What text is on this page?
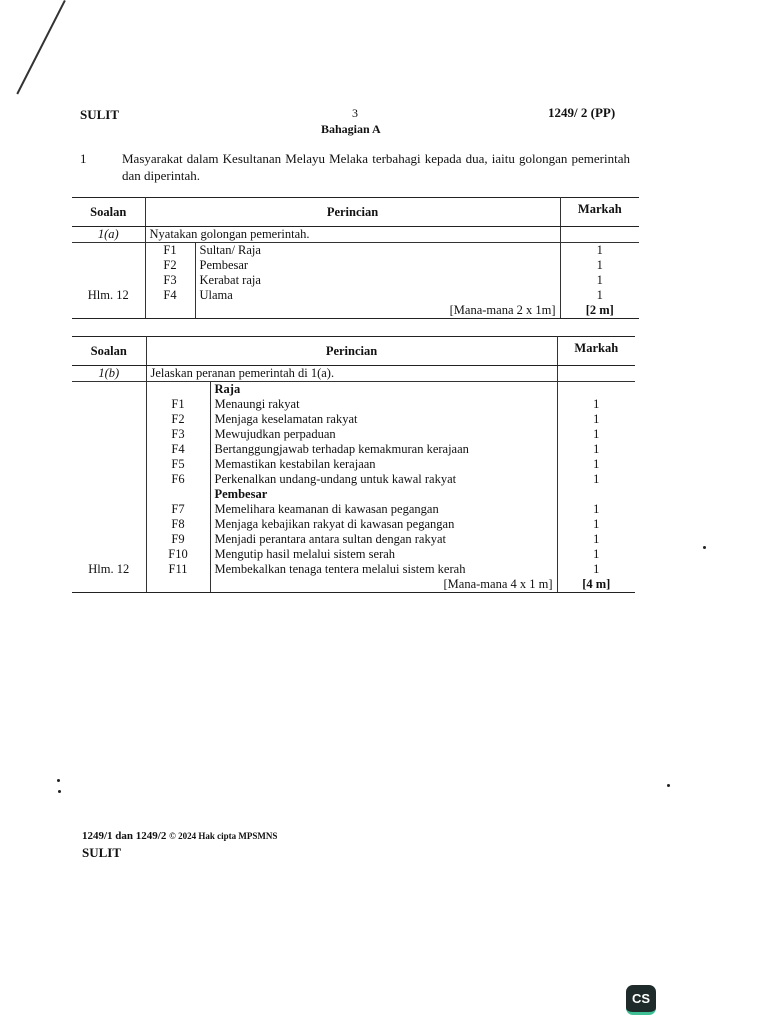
SULIT	3	1249/ 2 (PP)
Bahagian A
1	Masyarakat dalam Kesultanan Melayu Melaka terbahagi kepada dua, iaitu golongan pemerintah dan diperintah.
Soalan	Perincian		Markah
1(a)	Nyatakan golongan pemerintah.		
	F1	Sultan/ Raja	1
	F2	Pembesar	1
	F3	Kerabat raja	1
Hlm. 12	F4	Ulama	1
		[Mana-mana 2 x 1m]	[2 m]
Soalan	Perincian		Markah
1(b)	Jelaskan peranan pemerintah di 1(a).		
		Raja	
	F1	Menaungi rakyat	1
	F2	Menjaga keselamatan rakyat	1
	F3	Mewujudkan perpaduan	1
	F4	Bertanggungjawab terhadap kemakmuran kerajaan	1
	F5	Memastikan kestabilan kerajaan	1
	F6	Perkenalkan undang-undang untuk kawal rakyat	1
		Pembesar	
	F7	Memelihara keamanan di kawasan pegangan	1
	F8	Menjaga kebajikan rakyat di kawasan pegangan	1
	F9	Menjadi perantara antara sultan dengan rakyat	1
	F10	Mengutip hasil melalui sistem serah	1
Hlm. 12	F11	Membekalkan tenaga tentera melalui sistem kerah	1
		[Mana-mana 4 x 1 m]	[4 m]
1249/1 dan 1249/2 © 2024 Hak cipta MPSMNS
SULIT
CS
